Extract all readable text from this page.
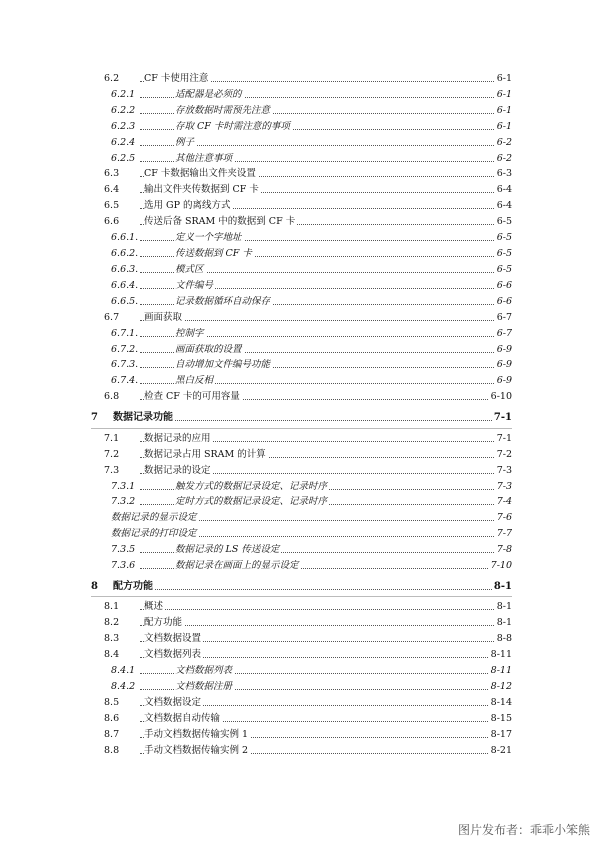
6.2	CF 卡使用注意	6-1
6.2.1	适配器是必须的	6-1
6.2.2	存放数据时需预先注意	6-1
6.2.3	存取 CF 卡时需注意的事项	6-1
6.2.4	例子	6-2
6.2.5	其他注意事项	6-2
6.3	CF 卡数据输出文件夹设置	6-3
6.4	输出文件夹传数据到 CF 卡	6-4
6.5	选用 GP 的离线方式	6-4
6.6	传送后备 SRAM 中的数据到 CF 卡	6-5
6.6.1.	定义一个字地址	6-5
6.6.2.	传送数据到 CF 卡	6-5
6.6.3.	模式区	6-5
6.6.4.	文件编号	6-6
6.6.5.	记录数据循环自动保存	6-6
6.7	画面获取	6-7
6.7.1.	控制字	6-7
6.7.2.	画面获取的设置	6-9
6.7.3.	自动增加文件编号功能	6-9
6.7.4.	黑白反相	6-9
6.8	检查 CF 卡的可用容量	6-10
7 数据记录功能	7-1
7.1	数据记录的应用	7-1
7.2	数据记录占用 SRAM 的计算	7-2
7.3	数据记录的设定	7-3
7.3.1	触发方式的数据记录设定、记录时序	7-3
7.3.2	定时方式的数据记录设定、记录时序	7-4
数据记录的显示设定	7-6
数据记录的打印设定	7-7
7.3.5	数据记录的 LS 传送设定	7-8
7.3.6	数据记录在画面上的显示设定	7-10
8 配方功能	8-1
8.1	概述	8-1
8.2	配方功能	8-1
8.3	文档数据设置	8-8
8.4	文档数据列表	8-11
8.4.1	文档数据列表	8-11
8.4.2	文档数据注册	8-12
8.5	文档数据设定	8-14
8.6	文档数据自动传输	8-15
8.7	手动文档数据传输实例 1	8-17
8.8	手动文档数据传输实例 2	8-21
图片发布者：乖乖小笨熊
